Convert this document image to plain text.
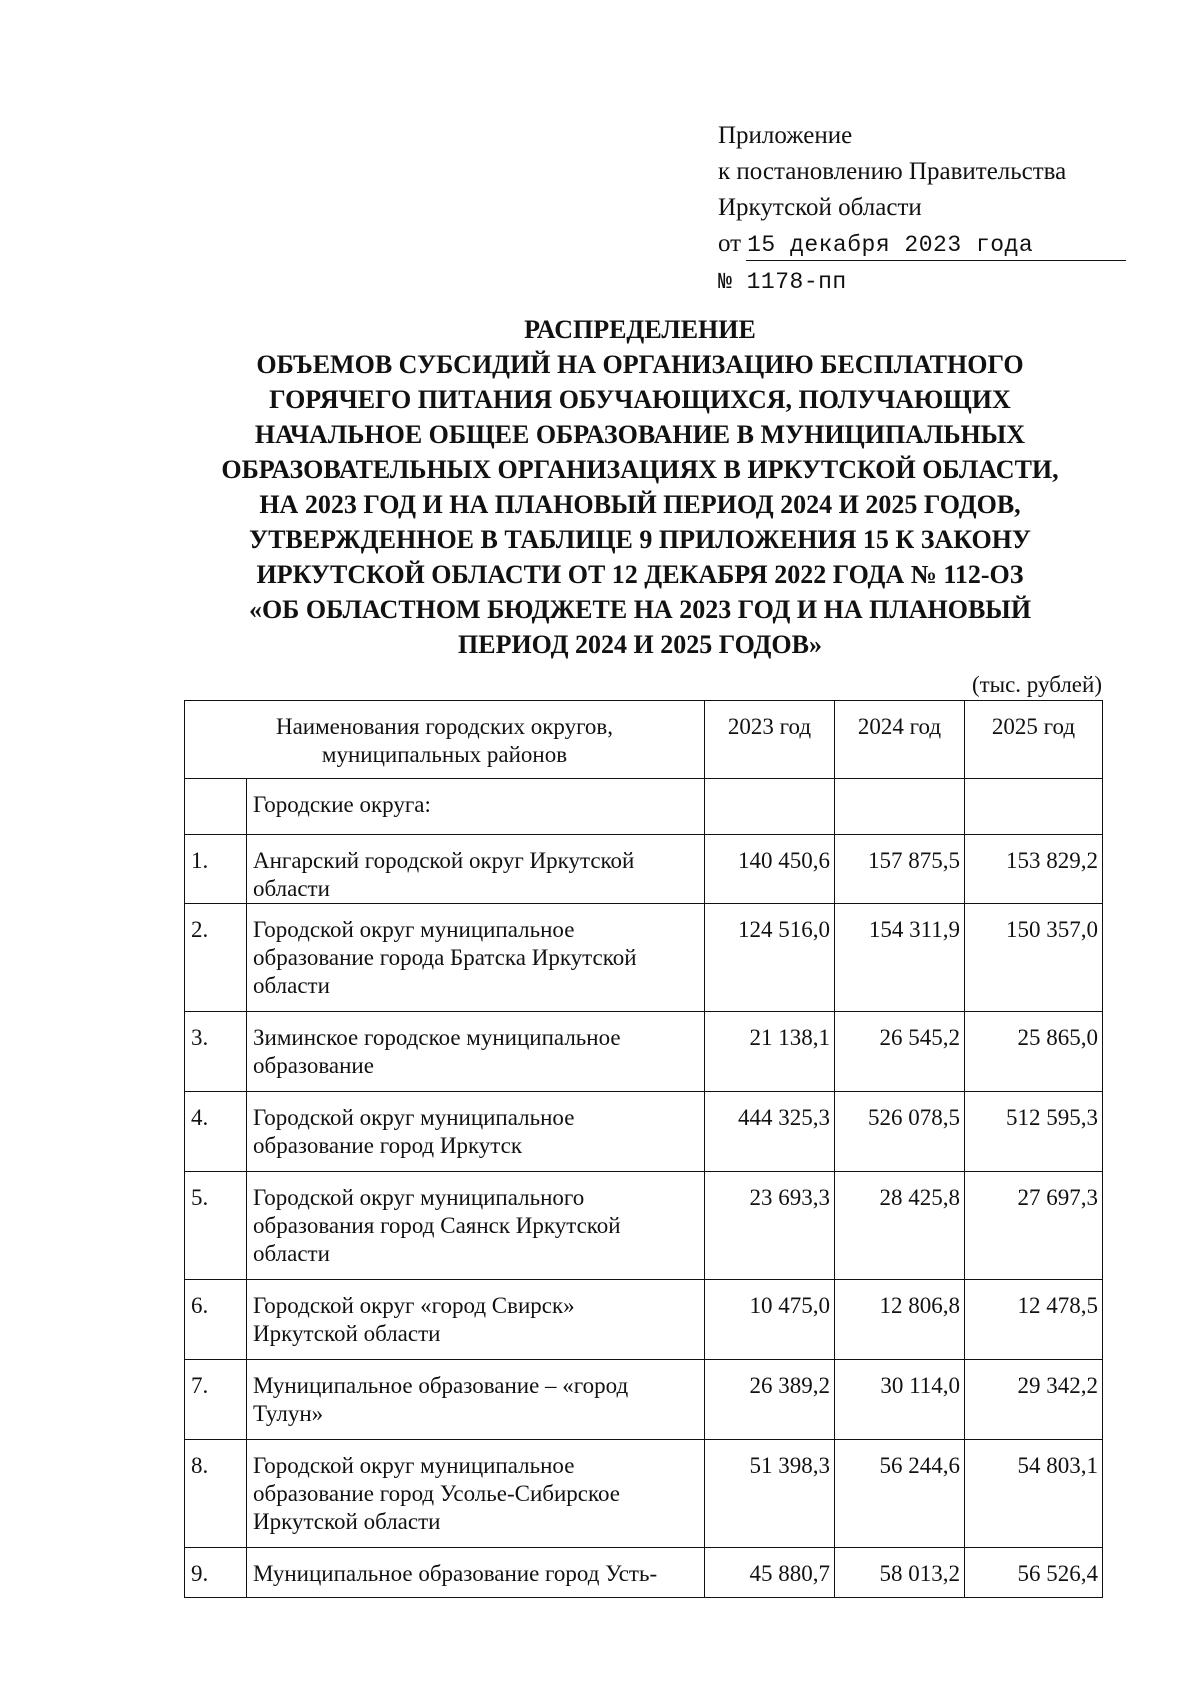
Приложение
к постановлению Правительства
Иркутской области
от 15 декабря 2023 года
№ 1178-пп
РАСПРЕДЕЛЕНИЕ
ОБЪЕМОВ СУБСИДИЙ НА ОРГАНИЗАЦИЮ БЕСПЛАТНОГО
ГОРЯЧЕГО ПИТАНИЯ ОБУЧАЮЩИХСЯ, ПОЛУЧАЮЩИХ
НАЧАЛЬНОЕ ОБЩЕЕ ОБРАЗОВАНИЕ В МУНИЦИПАЛЬНЫХ
ОБРАЗОВАТЕЛЬНЫХ ОРГАНИЗАЦИЯХ В ИРКУТСКОЙ ОБЛАСТИ,
НА 2023 ГОД И НА ПЛАНОВЫЙ ПЕРИОД 2024 И 2025 ГОДОВ,
УТВЕРЖДЕННОЕ В ТАБЛИЦЕ 9 ПРИЛОЖЕНИЯ 15 К ЗАКОНУ
ИРКУТСКОЙ ОБЛАСТИ ОТ 12 ДЕКАБРЯ 2022 ГОДА № 112-ОЗ
«ОБ ОБЛАСТНОМ БЮДЖЕТЕ НА 2023 ГОД И НА ПЛАНОВЫЙ
ПЕРИОД 2024 И 2025 ГОДОВ»
(тыс. рублей)
Наименования городских округов,
муниципальных районов		2023 год	2024 год	2025 год
	Городские округа:			
1.	Ангарский городской округ Иркутской
области	140 450,6	157 875,5	153 829,2
2.	Городской округ муниципальное
образование города Братска Иркутской
области	124 516,0	154 311,9	150 357,0
3.	Зиминское городское муниципальное
образование	21 138,1	26 545,2	25 865,0
4.	Городской округ муниципальное
образование город Иркутск	444 325,3	526 078,5	512 595,3
5.	Городской округ муниципального
образования город Саянск Иркутской
области	23 693,3	28 425,8	27 697,3
6.	Городской округ «город Свирск»
Иркутской области	10 475,0	12 806,8	12 478,5
7.	Муниципальное образование – «город
Тулун»	26 389,2	30 114,0	29 342,2
8.	Городской округ муниципальное
образование город Усолье-Сибирское
Иркутской области	51 398,3	56 244,6	54 803,1
9.	Муниципальное образование город Усть-	45 880,7	58 013,2	56 526,4
